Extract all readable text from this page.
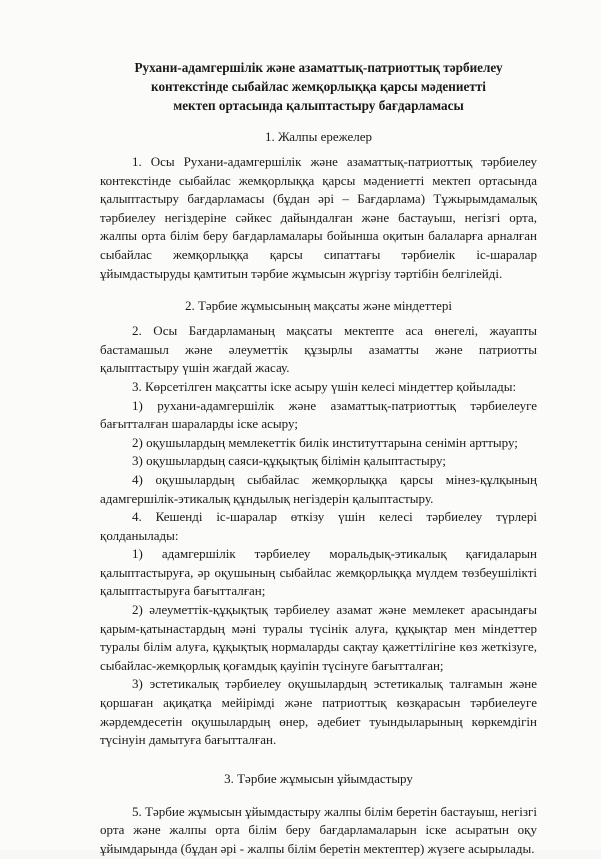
Рухани-адамгершілік және азаматтық-патриоттық тәрбиелеу
контекстінде сыбайлас жемқорлыққа қарсы мәдениетті
мектеп ортасында қалыптастыру бағдарламасы
1. Жалпы ережелер

1. Осы Рухани-адамгершілік және азаматтық-патриоттық тәрбиелеу контекстінде сыбайлас жемқорлыққа қарсы мәдениетті мектеп ортасында қалыптастыру бағдарламасы (бұдан әрі – Бағдарлама) Тұжырымдамалық тәрбиелеу негіздеріне сәйкес дайындалған және бастауыш, негізгі орта, жалпы орта білім беру бағдарламалары бойынша оқитын балаларға арналған сыбайлас жемқорлыққа қарсы сипаттағы тәрбиелік іс-шаралар ұйымдастыруды қамтитын тәрбие жұмысын жүргізу тәртібін белгілейді.

2. Тәрбие жұмысының мақсаты және міндеттері

2. Осы Бағдарламаның мақсаты мектепте аса өнегелі, жауапты бастамашыл және әлеуметтік құзырлы азаматты және патриотты қалыптастыру үшін жағдай жасау.

3. Көрсетілген мақсатты іске асыру үшін келесі міндеттер қойылады:

1) рухани-адамгершілік және азаматтық-патриоттық тәрбиелеуге бағытталған шараларды іске асыру;

2) оқушылардың мемлекеттік билік институттарына сенімін арттыру;

3) оқушылардың саяси-құқықтық білімін қалыптастыру;

4) оқушылардың сыбайлас жемқорлыққа қарсы мінез-құлқының адамгершілік-этикалық құндылық негіздерін қалыптастыру.

4. Кешенді іс-шаралар өткізу үшін келесі тәрбиелеу түрлері қолданылады:

1) адамгершілік тәрбиелеу моральдық-этикалық қағидаларын қалыптастыруға, әр оқушының сыбайлас жемқорлыққа мүлдем төзбеушілікті қалыптастыруға бағытталған;

2) әлеуметтік-құқықтық тәрбиелеу азамат және мемлекет арасындағы қарым-қатынастардың мәні туралы түсінік алуға, құқықтар мен міндеттер туралы білім алуға, құқықтық нормаларды сақтау қажеттілігіне көз жеткізуге, сыбайлас-жемқорлық қоғамдық қауіпін түсінуге бағытталған;

3) эстетикалық тәрбиелеу оқушылардың эстетикалық талғамын және қоршаған ақиқатқа мейірімді және патриоттық көзқарасын тәрбиелеуге жәрдемдесетін оқушылардың өнер, әдебиет туындыларының көркемдігін түсінуін дамытуға бағытталған.

3. Тәрбие жұмысын ұйымдастыру

5. Тәрбие жұмысын ұйымдастыру жалпы білім беретін бастауыш, негізгі орта және жалпы орта білім беру бағдарламаларын іске асыратын оқу ұйымдарында (бұдан әрі - жалпы білім беретін мектептер) жүзеге асырылады.
